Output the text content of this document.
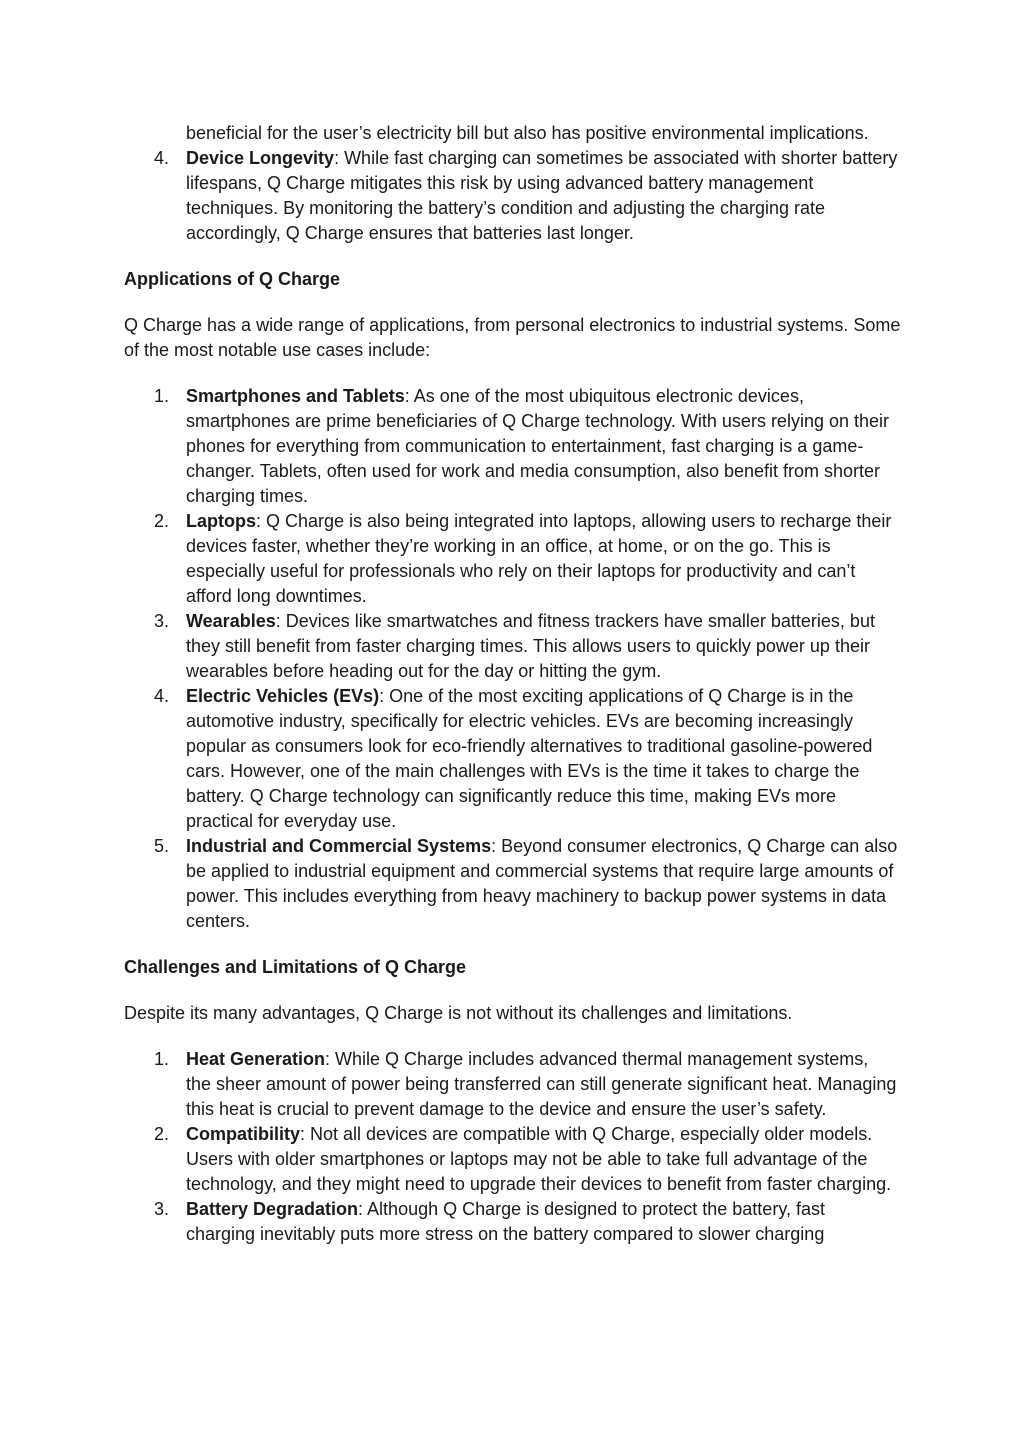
beneficial for the user’s electricity bill but also has positive environmental implications.
4. Device Longevity: While fast charging can sometimes be associated with shorter battery lifespans, Q Charge mitigates this risk by using advanced battery management techniques. By monitoring the battery’s condition and adjusting the charging rate accordingly, Q Charge ensures that batteries last longer.
Applications of Q Charge
Q Charge has a wide range of applications, from personal electronics to industrial systems. Some of the most notable use cases include:
1. Smartphones and Tablets: As one of the most ubiquitous electronic devices, smartphones are prime beneficiaries of Q Charge technology. With users relying on their phones for everything from communication to entertainment, fast charging is a game-changer. Tablets, often used for work and media consumption, also benefit from shorter charging times.
2. Laptops: Q Charge is also being integrated into laptops, allowing users to recharge their devices faster, whether they’re working in an office, at home, or on the go. This is especially useful for professionals who rely on their laptops for productivity and can’t afford long downtimes.
3. Wearables: Devices like smartwatches and fitness trackers have smaller batteries, but they still benefit from faster charging times. This allows users to quickly power up their wearables before heading out for the day or hitting the gym.
4. Electric Vehicles (EVs): One of the most exciting applications of Q Charge is in the automotive industry, specifically for electric vehicles. EVs are becoming increasingly popular as consumers look for eco-friendly alternatives to traditional gasoline-powered cars. However, one of the main challenges with EVs is the time it takes to charge the battery. Q Charge technology can significantly reduce this time, making EVs more practical for everyday use.
5. Industrial and Commercial Systems: Beyond consumer electronics, Q Charge can also be applied to industrial equipment and commercial systems that require large amounts of power. This includes everything from heavy machinery to backup power systems in data centers.
Challenges and Limitations of Q Charge
Despite its many advantages, Q Charge is not without its challenges and limitations.
1. Heat Generation: While Q Charge includes advanced thermal management systems, the sheer amount of power being transferred can still generate significant heat. Managing this heat is crucial to prevent damage to the device and ensure the user’s safety.
2. Compatibility: Not all devices are compatible with Q Charge, especially older models. Users with older smartphones or laptops may not be able to take full advantage of the technology, and they might need to upgrade their devices to benefit from faster charging.
3. Battery Degradation: Although Q Charge is designed to protect the battery, fast charging inevitably puts more stress on the battery compared to slower charging
